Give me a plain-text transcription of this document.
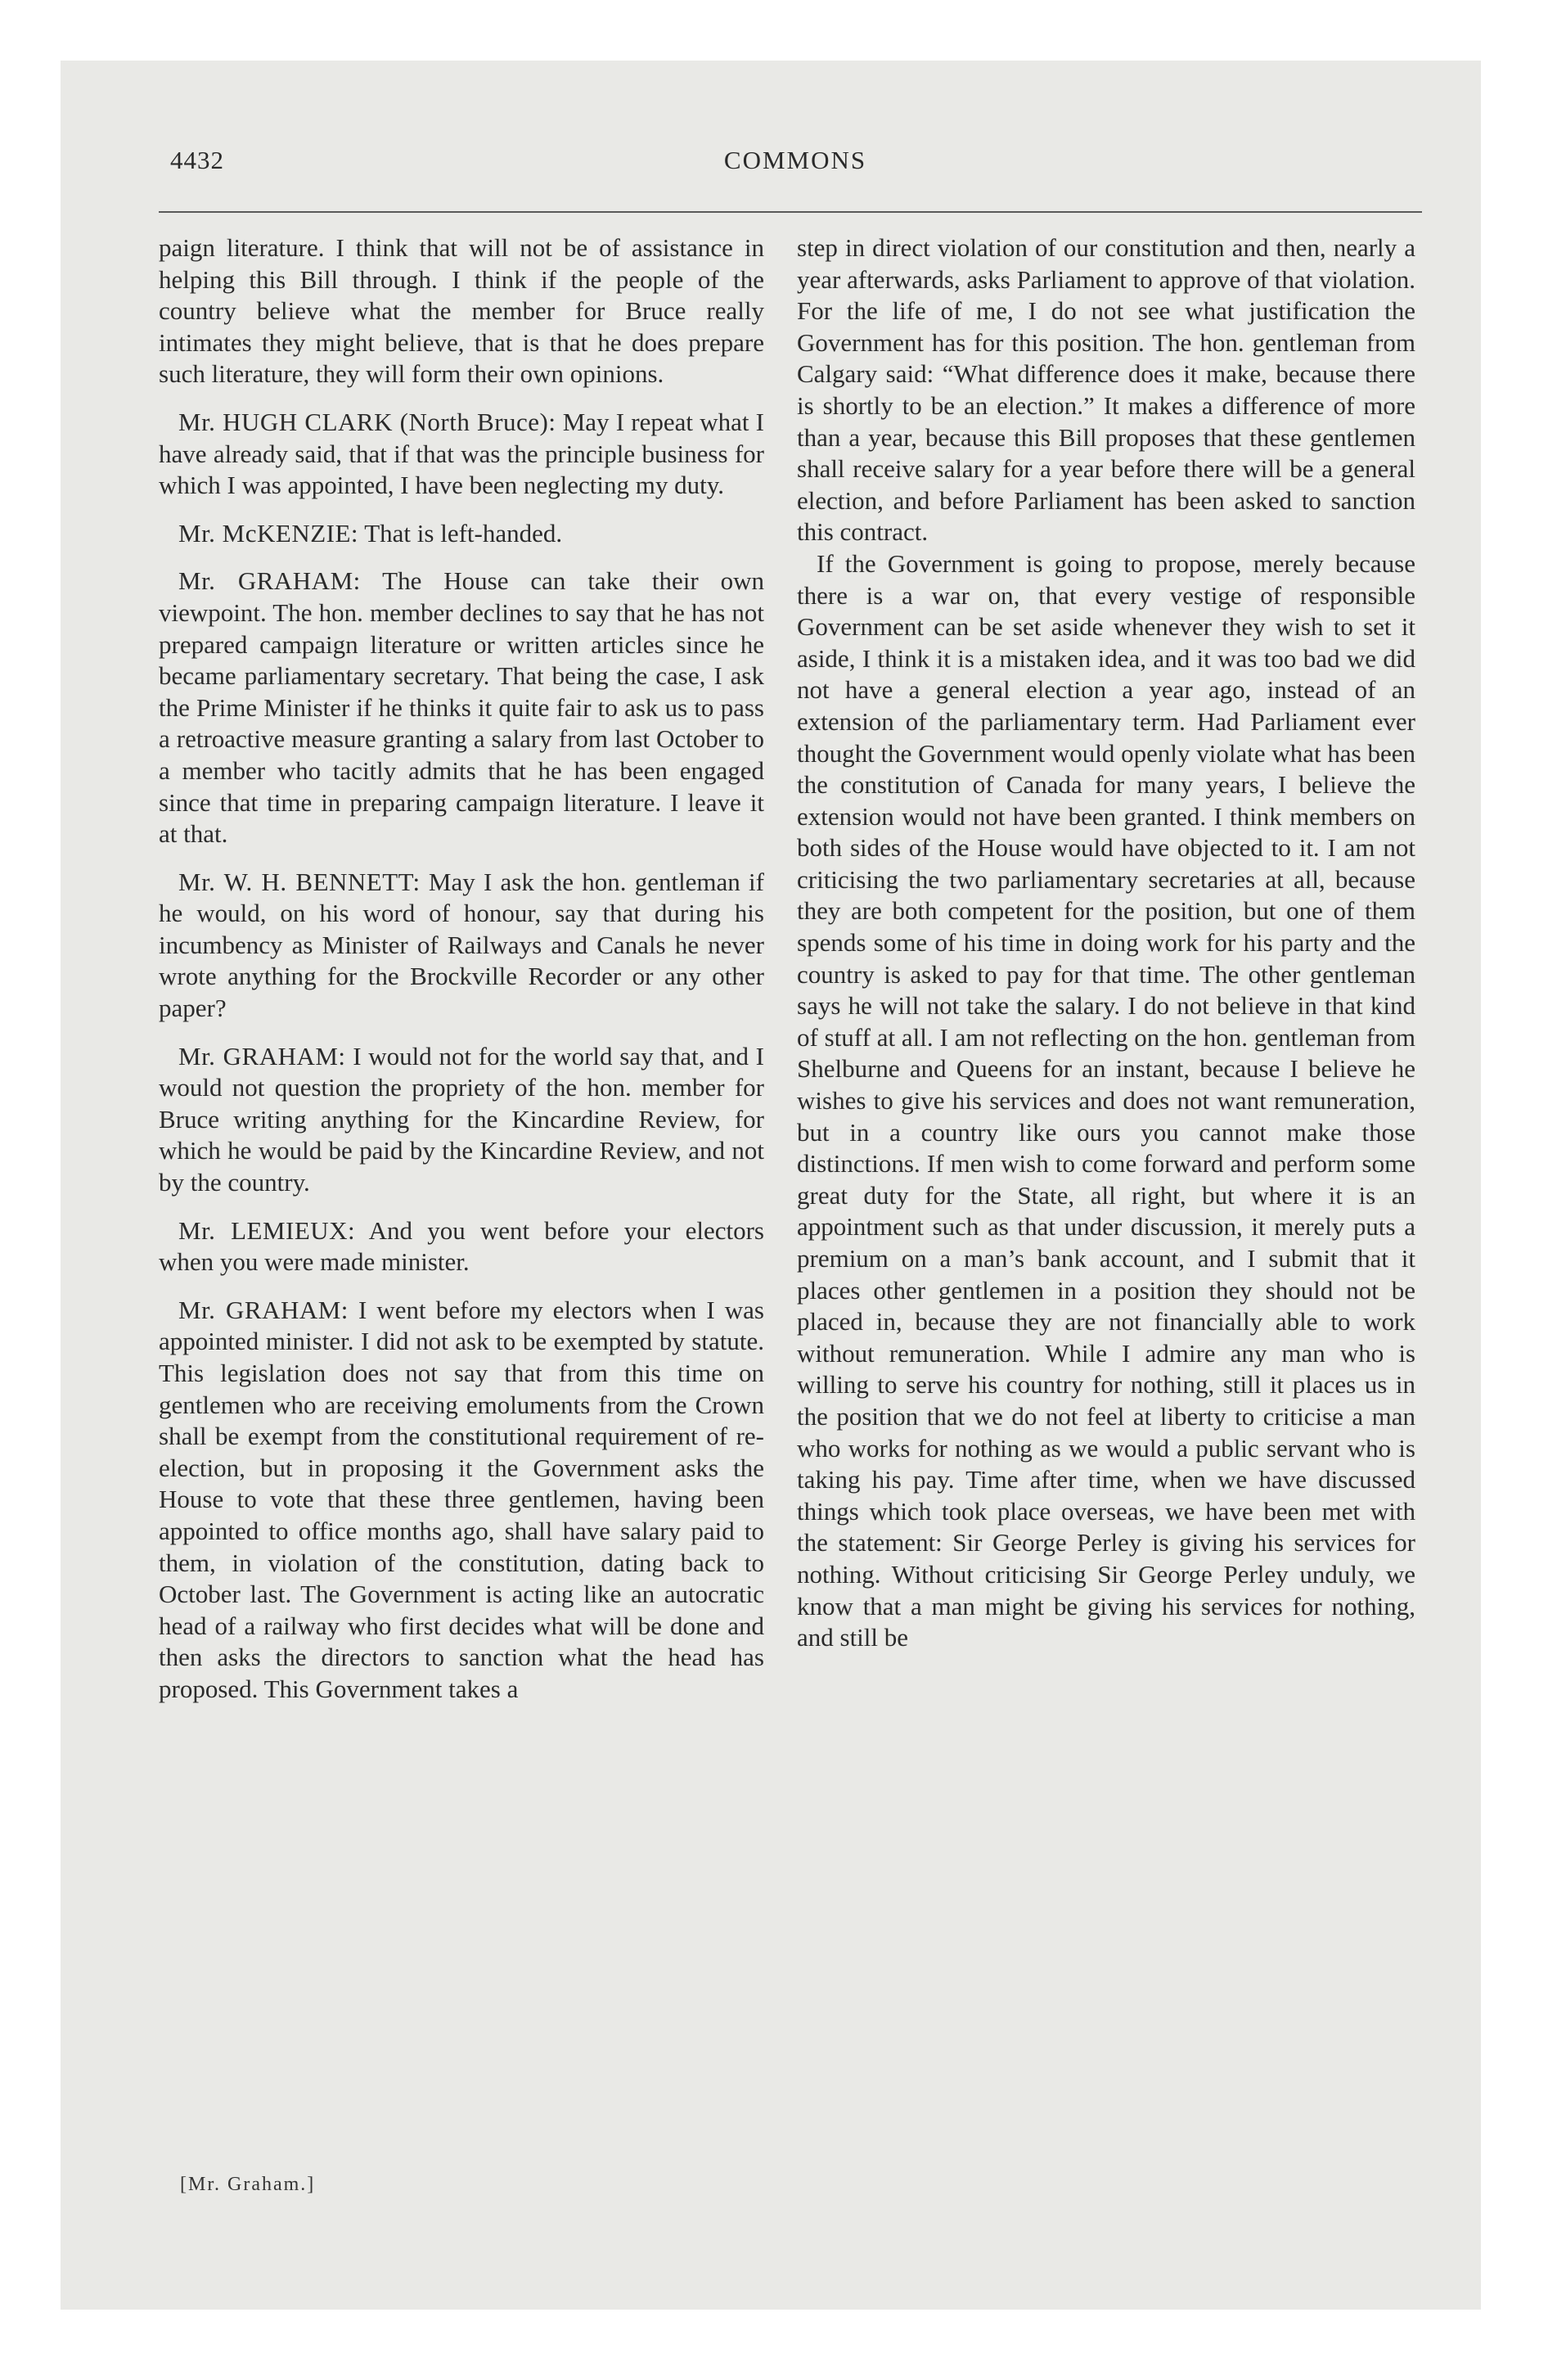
4432	COMMONS

paign literature. I think that will not be of assistance in helping this Bill through. I think if the people of the country believe what the member for Bruce really intimates they might believe, that is that he does prepare such literature, they will form their own opinions.

Mr. HUGH CLARK (North Bruce): May I repeat what I have already said, that if that was the principle business for which I was appointed, I have been neglecting my duty.

Mr. McKENZIE: That is left-handed.

Mr. GRAHAM: The House can take their own viewpoint. The hon. member declines to say that he has not prepared campaign literature or written articles since he became parliamentary secretary. That being the case, I ask the Prime Minister if he thinks it quite fair to ask us to pass a retroactive measure granting a salary from last October to a member who tacitly admits that he has been engaged since that time in preparing campaign literature. I leave it at that.

Mr. W. H. BENNETT: May I ask the hon. gentleman if he would, on his word of honour, say that during his incumbency as Minister of Railways and Canals he never wrote anything for the Brockville Recorder or any other paper?

Mr. GRAHAM: I would not for the world say that, and I would not question the propriety of the hon. member for Bruce writing anything for the Kincardine Review, for which he would be paid by the Kincardine Review, and not by the country.

Mr. LEMIEUX: And you went before your electors when you were made minister.

Mr. GRAHAM: I went before my electors when I was appointed minister. I did not ask to be exempted by statute. This legislation does not say that from this time on gentlemen who are receiving emoluments from the Crown shall be exempt from the constitutional requirement of re-election, but in proposing it the Government asks the House to vote that these three gentlemen, having been appointed to office months ago, shall have salary paid to them, in violation of the constitution, dating back to October last. The Government is acting like an autocratic head of a railway who first decides what will be done and then asks the directors to sanction what the head has proposed. This Government takes a

step in direct violation of our constitution and then, nearly a year afterwards, asks Parliament to approve of that violation. For the life of me, I do not see what justification the Government has for this position. The hon. gentleman from Calgary said: “What difference does it make, because there is shortly to be an election.” It makes a difference of more than a year, because this Bill proposes that these gentlemen shall receive salary for a year before there will be a general election, and before Parliament has been asked to sanction this contract.

If the Government is going to propose, merely because there is a war on, that every vestige of responsible Government can be set aside whenever they wish to set it aside, I think it is a mistaken idea, and it was too bad we did not have a general election a year ago, instead of an extension of the parliamentary term. Had Parliament ever thought the Government would openly violate what has been the constitution of Canada for many years, I believe the extension would not have been granted. I think members on both sides of the House would have objected to it. I am not criticising the two parliamentary secretaries at all, because they are both competent for the position, but one of them spends some of his time in doing work for his party and the country is asked to pay for that time. The other gentleman says he will not take the salary. I do not believe in that kind of stuff at all. I am not reflecting on the hon. gentleman from Shelburne and Queens for an instant, because I believe he wishes to give his services and does not want remuneration, but in a country like ours you cannot make those distinctions. If men wish to come forward and perform some great duty for the State, all right, but where it is an appointment such as that under discussion, it merely puts a premium on a man’s bank account, and I submit that it places other gentlemen in a position they should not be placed in, because they are not financially able to work without remuneration. While I admire any man who is willing to serve his country for nothing, still it places us in the position that we do not feel at liberty to criticise a man who works for nothing as we would a public servant who is taking his pay. Time after time, when we have discussed things which took place overseas, we have been met with the statement: Sir George Perley is giving his services for nothing. Without criticising Sir George Perley unduly, we know that a man might be giving his services for nothing, and still be

[Mr. Graham.]
